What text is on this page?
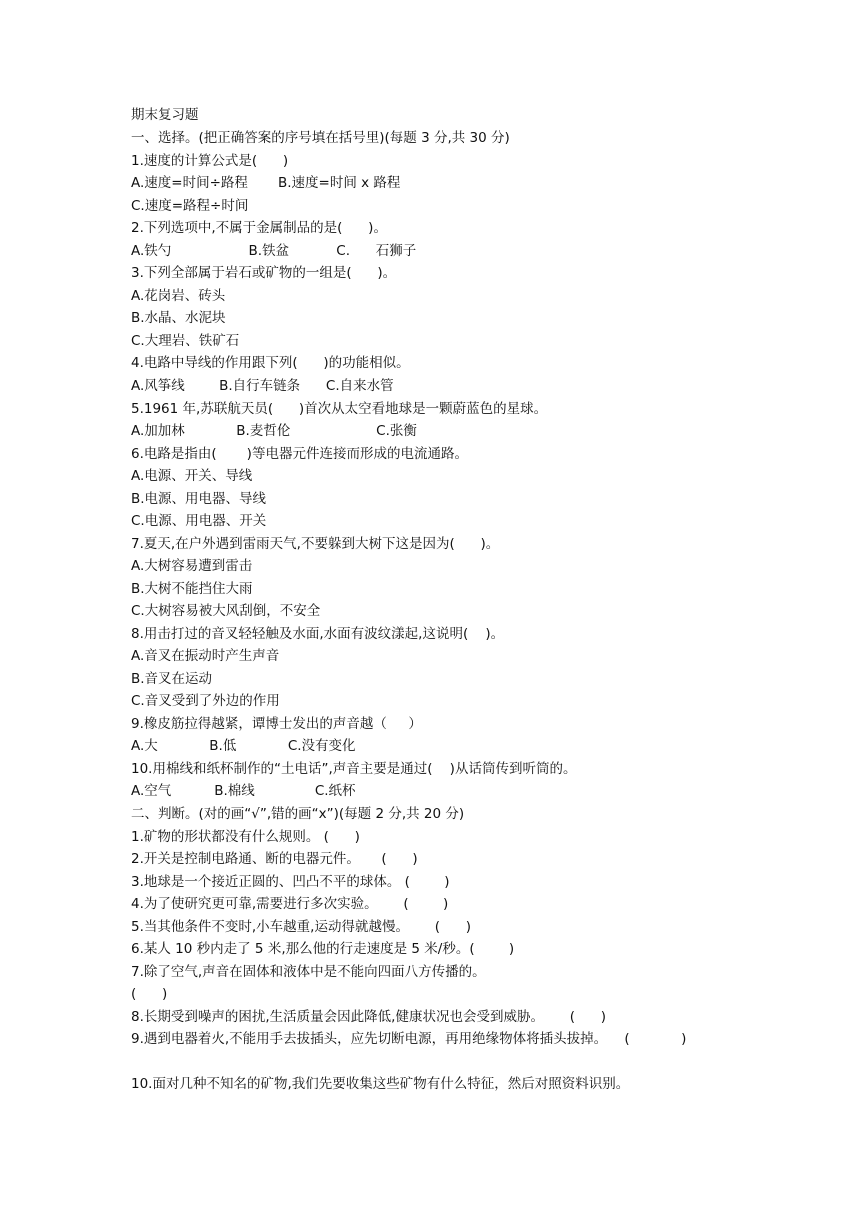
期末复习题
一、选择。(把正确答案的序号填在括号里)(每题 3 分,共 30 分)
1.速度的计算公式是(      )
A.速度=时间÷路程       B.速度=时间 x 路程
C.速度=路程÷时间
2.下列选项中,不属于金属制品的是(      )。
A.铁勺                  B.铁盆           C.      石狮子
3.下列全部属于岩石或矿物的一组是(      )。
A.花岗岩、砖头
B.水晶、水泥块
C.大理岩、铁矿石
4.电路中导线的作用跟下列(      )的功能相似。
A.风筝线        B.自行车链条      C.自来水管
5.1961 年,苏联航天员(      )首次从太空看地球是一颗蔚蓝色的星球。
A.加加林            B.麦哲伦                    C.张衡
6.电路是指由(       )等电器元件连接而形成的电流通路。
A.电源、开关、导线
B.电源、用电器、导线
C.电源、用电器、开关
7.夏天,在户外遇到雷雨天气,不要躲到大树下这是因为(      )。
A.大树容易遭到雷击
B.大树不能挡住大雨
C.大树容易被大风刮倒，不安全
8.用击打过的音叉轻轻触及水面,水面有波纹漾起,这说明(    )。
A.音叉在振动时产生声音
B.音叉在运动
C.音叉受到了外边的作用
9.橡皮筋拉得越紧，谭博士发出的声音越（     ）
A.大            B.低            C.没有变化
10.用棉线和纸杯制作的“土电话”,声音主要是通过(    )从话筒传到听筒的。
A.空气          B.棉线              C.纸杯
二、判断。(对的画“√”,错的画“x”)(每题 2 分,共 20 分)
1.矿物的形状都没有什么规则。 (      )
2.开关是控制电路通、断的电器元件。     (      )
3.地球是一个接近正圆的、凹凸不平的球体。 (        )
4.为了使研究更可靠,需要进行多次实验。      (        )
5.当其他条件不变时,小车越重,运动得就越慢。      (      )
6.某人 10 秒内走了 5 米,那么他的行走速度是 5 米/秒。(        )
7.除了空气,声音在固体和液体中是不能向四面八方传播的。
(      )
8.长期受到噪声的困扰,生活质量会因此降低,健康状况也会受到威胁。      (      )
9.遇到电器着火,不能用手去拔插头，应先切断电源，再用绝缘物体将插头拔掉。    (            )
10.面对几种不知名的矿物,我们先要收集这些矿物有什么特征，然后对照资料识别。
